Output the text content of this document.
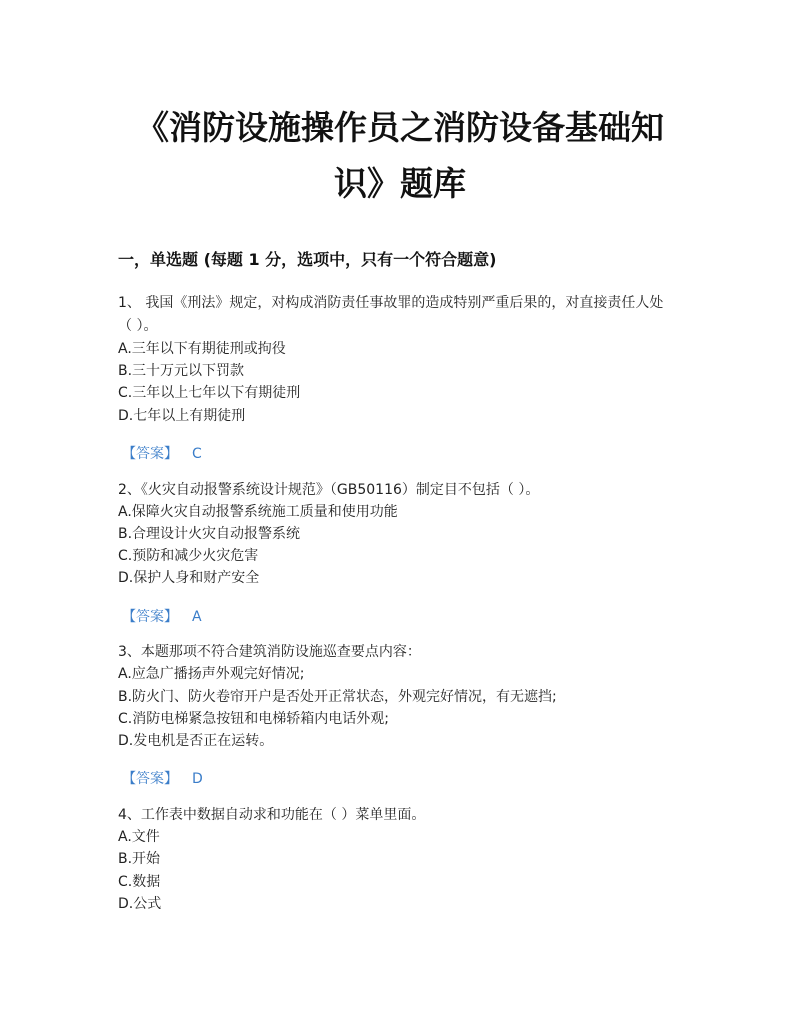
《消防设施操作员之消防设备基础知
识》题库
一，单选题 (每题 1 分，选项中，只有一个符合题意)
1、 我国《刑法》规定，对构成消防责任事故罪的造成特别严重后果的，对直接责任人处
（ ）。
A.三年以下有期徒刑或拘役
B.三十万元以下罚款
C.三年以上七年以下有期徒刑
D.七年以上有期徒刑
【答案】 C
2、《火灾自动报警系统设计规范》（GB50116）制定目不包括（ ）。
A.保障火灾自动报警系统施工质量和使用功能
B.合理设计火灾自动报警系统
C.预防和减少火灾危害
D.保护人身和财产安全
【答案】 A
3、本题那项不符合建筑消防设施巡查要点内容：
A.应急广播扬声外观完好情况;
B.防火门、防火卷帘开户是否处开正常状态，外观完好情况，有无遮挡;
C.消防电梯紧急按钮和电梯轿箱内电话外观;
D.发电机是否正在运转。
【答案】 D
4、工作表中数据自动求和功能在（ ）菜单里面。
A.文件
B.开始
C.数据
D.公式
